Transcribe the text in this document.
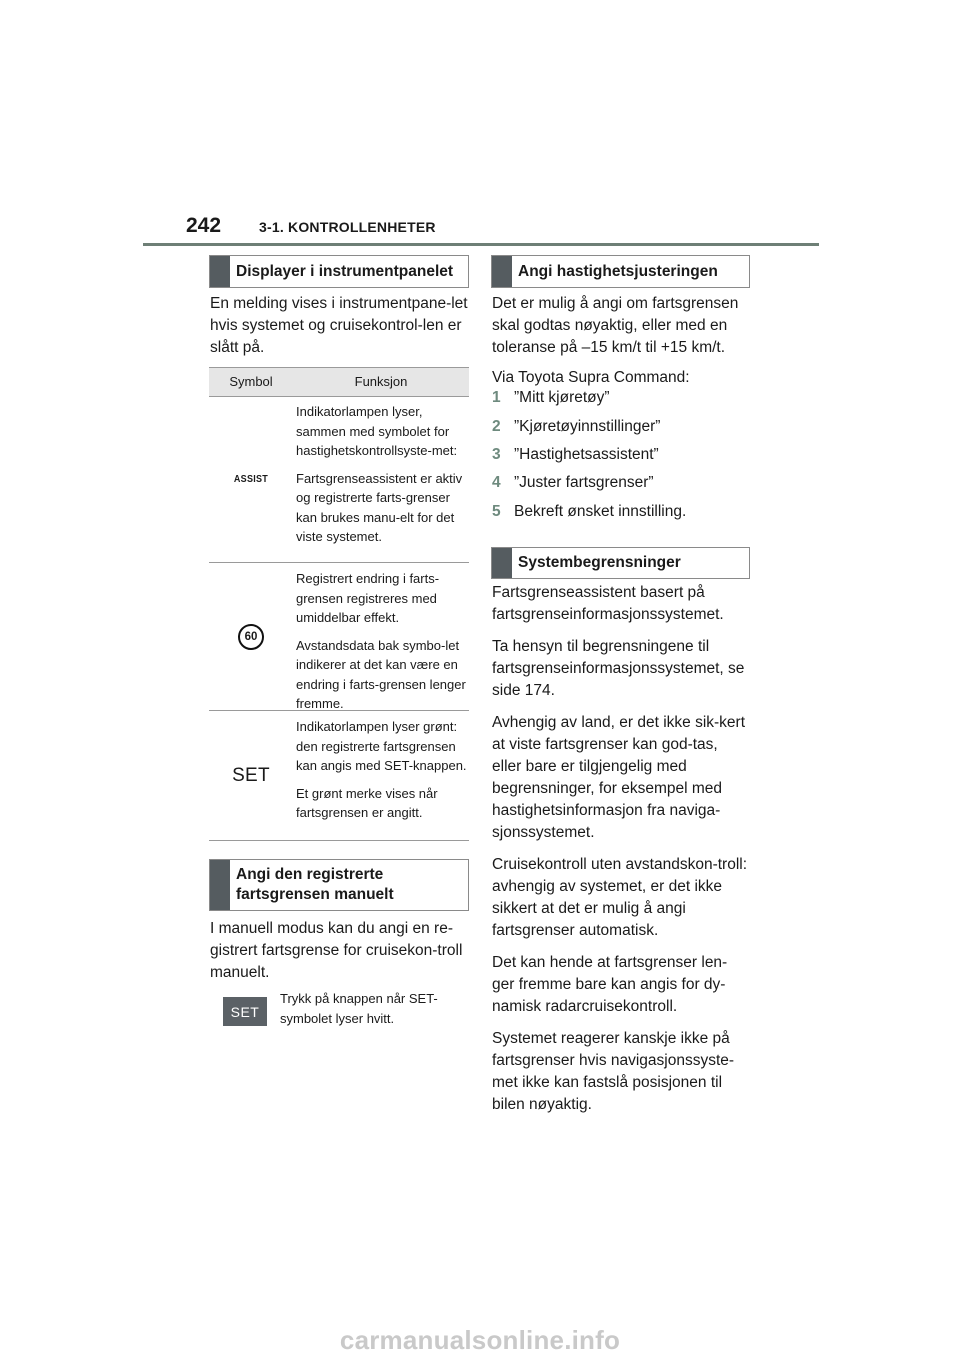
242	3-1. KONTROLLENHETER
Displayer i instrumentpanelet

En melding vises i instrumentpane-let hvis systemet og cruisekontrol-len er slått på.

Symbol	Funksjon
ASSIST

Indikatorlampen lyser, sammen med symbolet for hastighetskontrollsyste-met:

Fartsgrenseassistent er aktiv og registrerte farts-grenser kan brukes manu-elt for det viste systemet.

60

Registrert endring i farts-grensen registreres med umiddelbar effekt.

Avstandsdata bak symbo-let indikerer at det kan være en endring i farts-grensen lenger fremme.

SET

Indikatorlampen lyser grønt: den registrerte fartsgrensen kan angis med SET-knappen.

Et grønt merke vises når fartsgrensen er angitt.

Angi den registrerte fartsgrensen manuelt

I manuell modus kan du angi en re-gistrert fartsgrense for cruisekon-troll manuelt.

SET
Trykk på knappen når SET-symbolet lyser hvitt.
Angi hastighetsjusteringen

Det er mulig å angi om fartsgrensen skal godtas nøyaktig, eller med en toleranse på –15 km/t til +15 km/t.

Via Toyota Supra Command:

1 ”Mitt kjøretøy”
2 ”Kjøretøyinnstillinger”
3 ”Hastighetsassistent”
4 ”Juster fartsgrenser”
5 Bekreft ønsket innstilling.
Systembegrensninger

Fartsgrenseassistent basert på fartsgrenseinformasjonssystemet.

Ta hensyn til begrensningene til fartsgrenseinformasjonssystemet, se side 174.

Avhengig av land, er det ikke sik-kert at viste fartsgrenser kan god-tas, eller bare er tilgjengelig med begrensninger, for eksempel med hastighetsinformasjon fra naviga-sjonssystemet.

Cruisekontroll uten avstandskon-troll: avhengig av systemet, er det ikke sikkert at det er mulig å angi fartsgrenser automatisk.

Det kan hende at fartsgrenser len-ger fremme bare kan angis for dy-namisk radarcruisekontroll.

Systemet reagerer kanskje ikke på fartsgrenser hvis navigasjonssyste-met ikke kan fastslå posisjonen til bilen nøyaktig.

carmanualsonline.info
